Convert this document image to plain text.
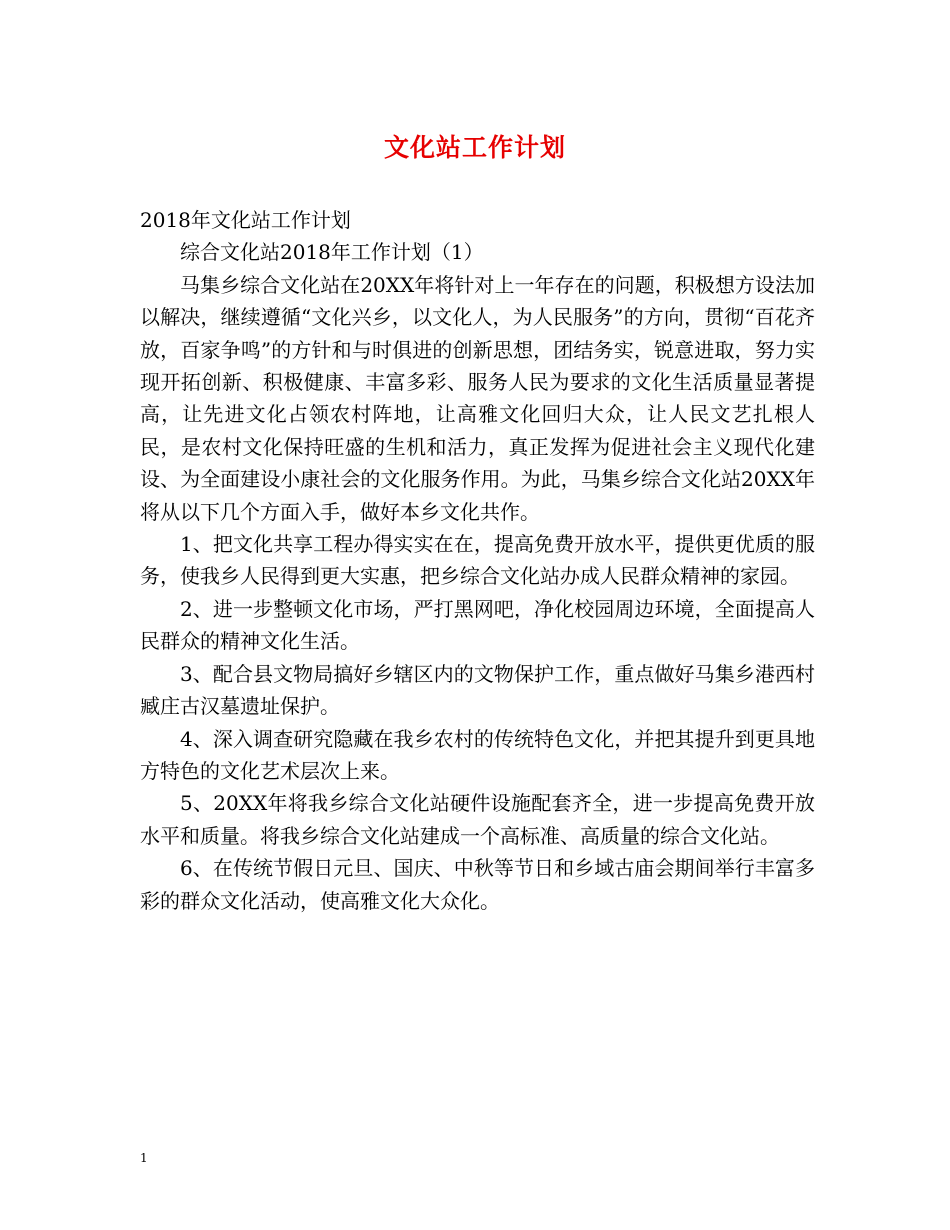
文化站工作计划

2018年文化站工作计划

综合文化站2018年工作计划（1）

马集乡综合文化站在20XX年将针对上一年存在的问题，积极想方设法加以解决，继续遵循“文化兴乡，以文化人，为人民服务”的方向，贯彻“百花齐放，百家争鸣”的方针和与时俱进的创新思想，团结务实，锐意进取，努力实现开拓创新、积极健康、丰富多彩、服务人民为要求的文化生活质量显著提高，让先进文化占领农村阵地，让高雅文化回归大众，让人民文艺扎根人民，是农村文化保持旺盛的生机和活力，真正发挥为促进社会主义现代化建设、为全面建设小康社会的文化服务作用。为此，马集乡综合文化站20XX年将从以下几个方面入手，做好本乡文化共作。

1、把文化共享工程办得实实在在，提高免费开放水平，提供更优质的服务，使我乡人民得到更大实惠，把乡综合文化站办成人民群众精神的家园。

2、进一步整顿文化市场，严打黑网吧，净化校园周边环境，全面提高人民群众的精神文化生活。

3、配合县文物局搞好乡辖区内的文物保护工作，重点做好马集乡港西村臧庄古汉墓遗址保护。

4、深入调查研究隐藏在我乡农村的传统特色文化，并把其提升到更具地方特色的文化艺术层次上来。

5、20XX年将我乡综合文化站硬件设施配套齐全，进一步提高免费开放水平和质量。将我乡综合文化站建成一个高标准、高质量的综合文化站。

6、在传统节假日元旦、国庆、中秋等节日和乡域古庙会期间举行丰富多彩的群众文化活动，使高雅文化大众化。

1
